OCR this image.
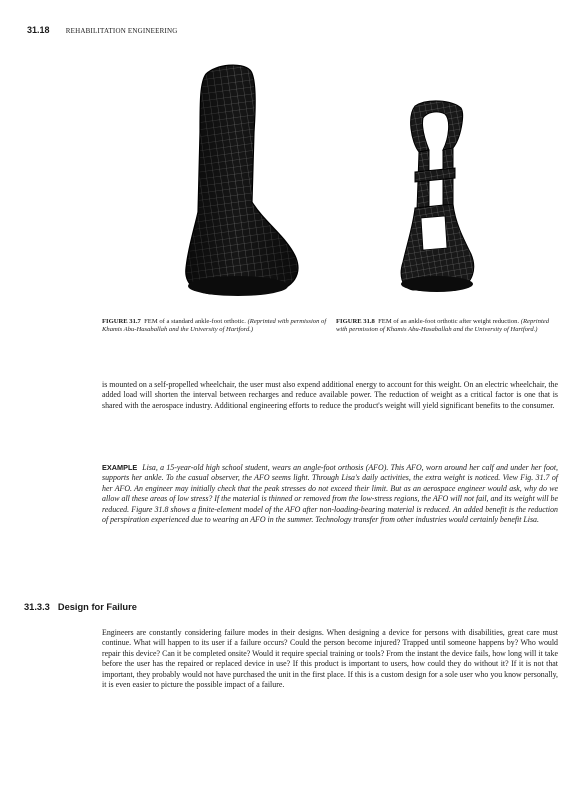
31.18 REHABILITATION ENGINEERING
FIGURE 31.7 FEM of a standard ankle-foot orthotic. (Reprinted with permission of Khamis Abu-Hasaballah and the University of Hartford.)
FIGURE 31.8 FEM of an ankle-foot orthotic after weight reduction. (Reprinted with permission of Khamis Abu-Hasaballah and the University of Hartford.)

is mounted on a self-propelled wheelchair, the user must also expend additional energy to account for this weight. On an electric wheelchair, the added load will shorten the interval between recharges and reduce available power. The reduction of weight as a critical factor is one that is shared with the aerospace industry. Additional engineering efforts to reduce the product's weight will yield significant benefits to the consumer.

EXAMPLE Lisa, a 15-year-old high school student, wears an angle-foot orthosis (AFO). This AFO, worn around her calf and under her foot, supports her ankle. To the casual observer, the AFO seems light. Through Lisa's daily activities, the extra weight is noticed. View Fig. 31.7 of her AFO. An engineer may initially check that the peak stresses do not exceed their limit. But as an aerospace engineer would ask, why do we allow all these areas of low stress? If the material is thinned or removed from the low-stress regions, the AFO will not fail, and its weight will be reduced. Figure 31.8 shows a finite-element model of the AFO after non-loading-bearing material is reduced. An added benefit is the reduction of perspiration experienced due to wearing an AFO in the summer. Technology transfer from other industries would certainly benefit Lisa.

31.3.3 Design for Failure

Engineers are constantly considering failure modes in their designs. When designing a device for persons with disabilities, great care must continue. What will happen to its user if a failure occurs? Could the person become injured? Trapped until someone happens by? Who would repair this device? Can it be completed onsite? Would it require special training or tools? From the instant the device fails, how long will it take before the user has the repaired or replaced device in use? If this product is important to users, how could they do without it? If it is not that important, they probably would not have purchased the unit in the first place. If this is a custom design for a sole user who you know personally, it is even easier to picture the possible impact of a failure.
